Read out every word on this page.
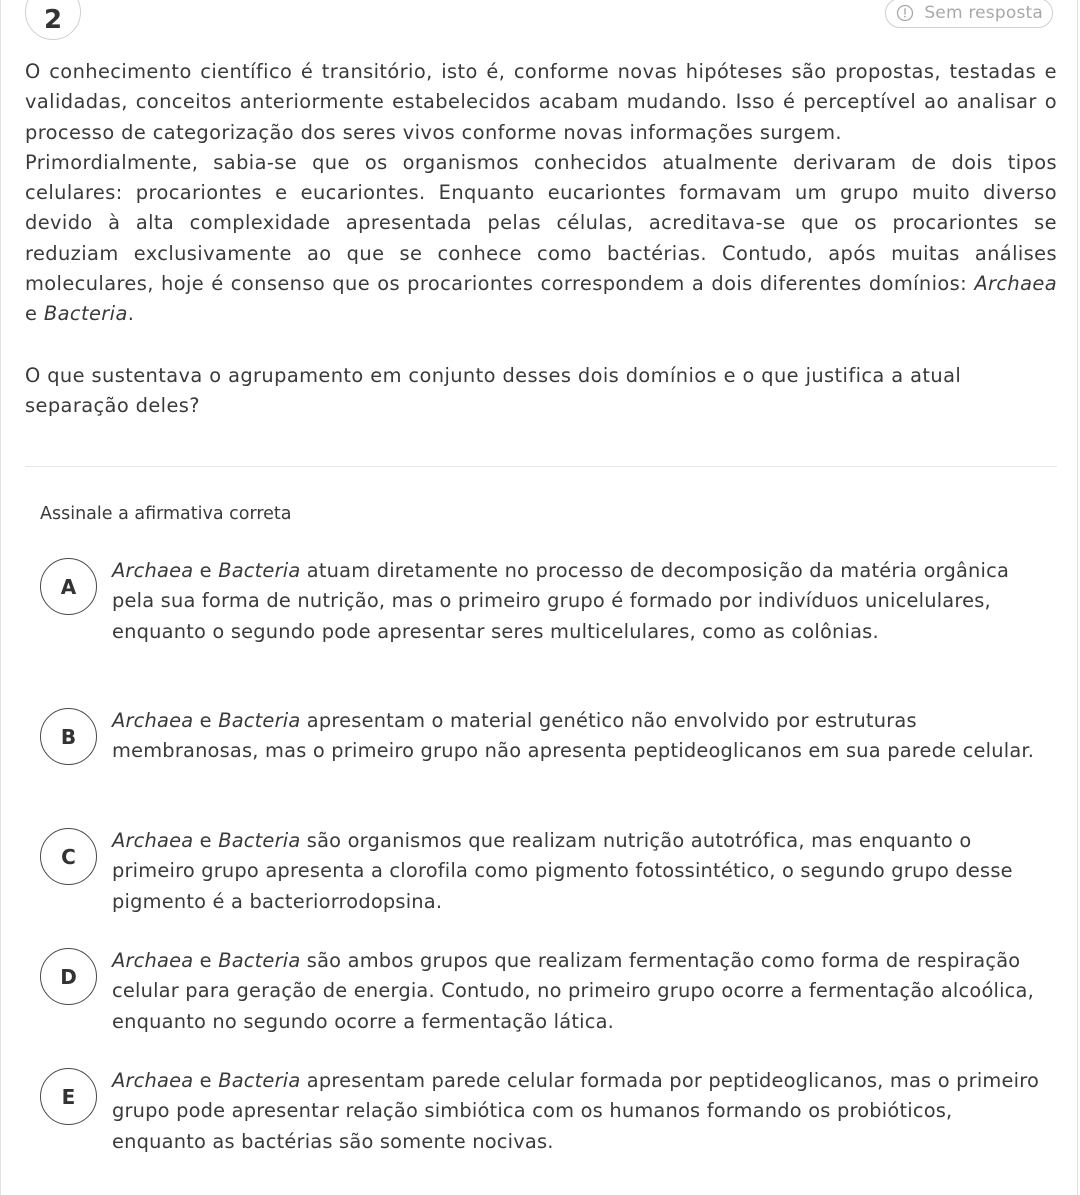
2	Sem resposta

O conhecimento científico é transitório, isto é, conforme novas hipóteses são propostas, testadas e validadas, conceitos anteriormente estabelecidos acabam mudando. Isso é perceptível ao analisar o processo de categorização dos seres vivos conforme novas informações surgem.

Primordialmente, sabia-se que os organismos conhecidos atualmente derivaram de dois tipos celulares: procariontes e eucariontes. Enquanto eucariontes formavam um grupo muito diverso devido à alta complexidade apresentada pelas células, acreditava-se que os procariontes se reduziam exclusivamente ao que se conhece como bactérias. Contudo, após muitas análises moleculares, hoje é consenso que os procariontes correspondem a dois diferentes domínios: Archaea e Bacteria.

O que sustentava o agrupamento em conjunto desses dois domínios e o que justifica a atual separação deles?

Assinale a afirmativa correta
A
Archaea e Bacteria atuam diretamente no processo de decomposição da matéria orgânica pela sua forma de nutrição, mas o primeiro grupo é formado por indivíduos unicelulares, enquanto o segundo pode apresentar seres multicelulares, como as colônias.
B
Archaea e Bacteria apresentam o material genético não envolvido por estruturas membranosas, mas o primeiro grupo não apresenta peptideoglicanos em sua parede celular.
C
Archaea e Bacteria são organismos que realizam nutrição autotrófica, mas enquanto o primeiro grupo apresenta a clorofila como pigmento fotossintético, o segundo grupo desse pigmento é a bacteriorrodopsina.
D
Archaea e Bacteria são ambos grupos que realizam fermentação como forma de respiração celular para geração de energia. Contudo, no primeiro grupo ocorre a fermentação alcoólica, enquanto no segundo ocorre a fermentação lática.
E
Archaea e Bacteria apresentam parede celular formada por peptideoglicanos, mas o primeiro grupo pode apresentar relação simbiótica com os humanos formando os probióticos, enquanto as bactérias são somente nocivas.
